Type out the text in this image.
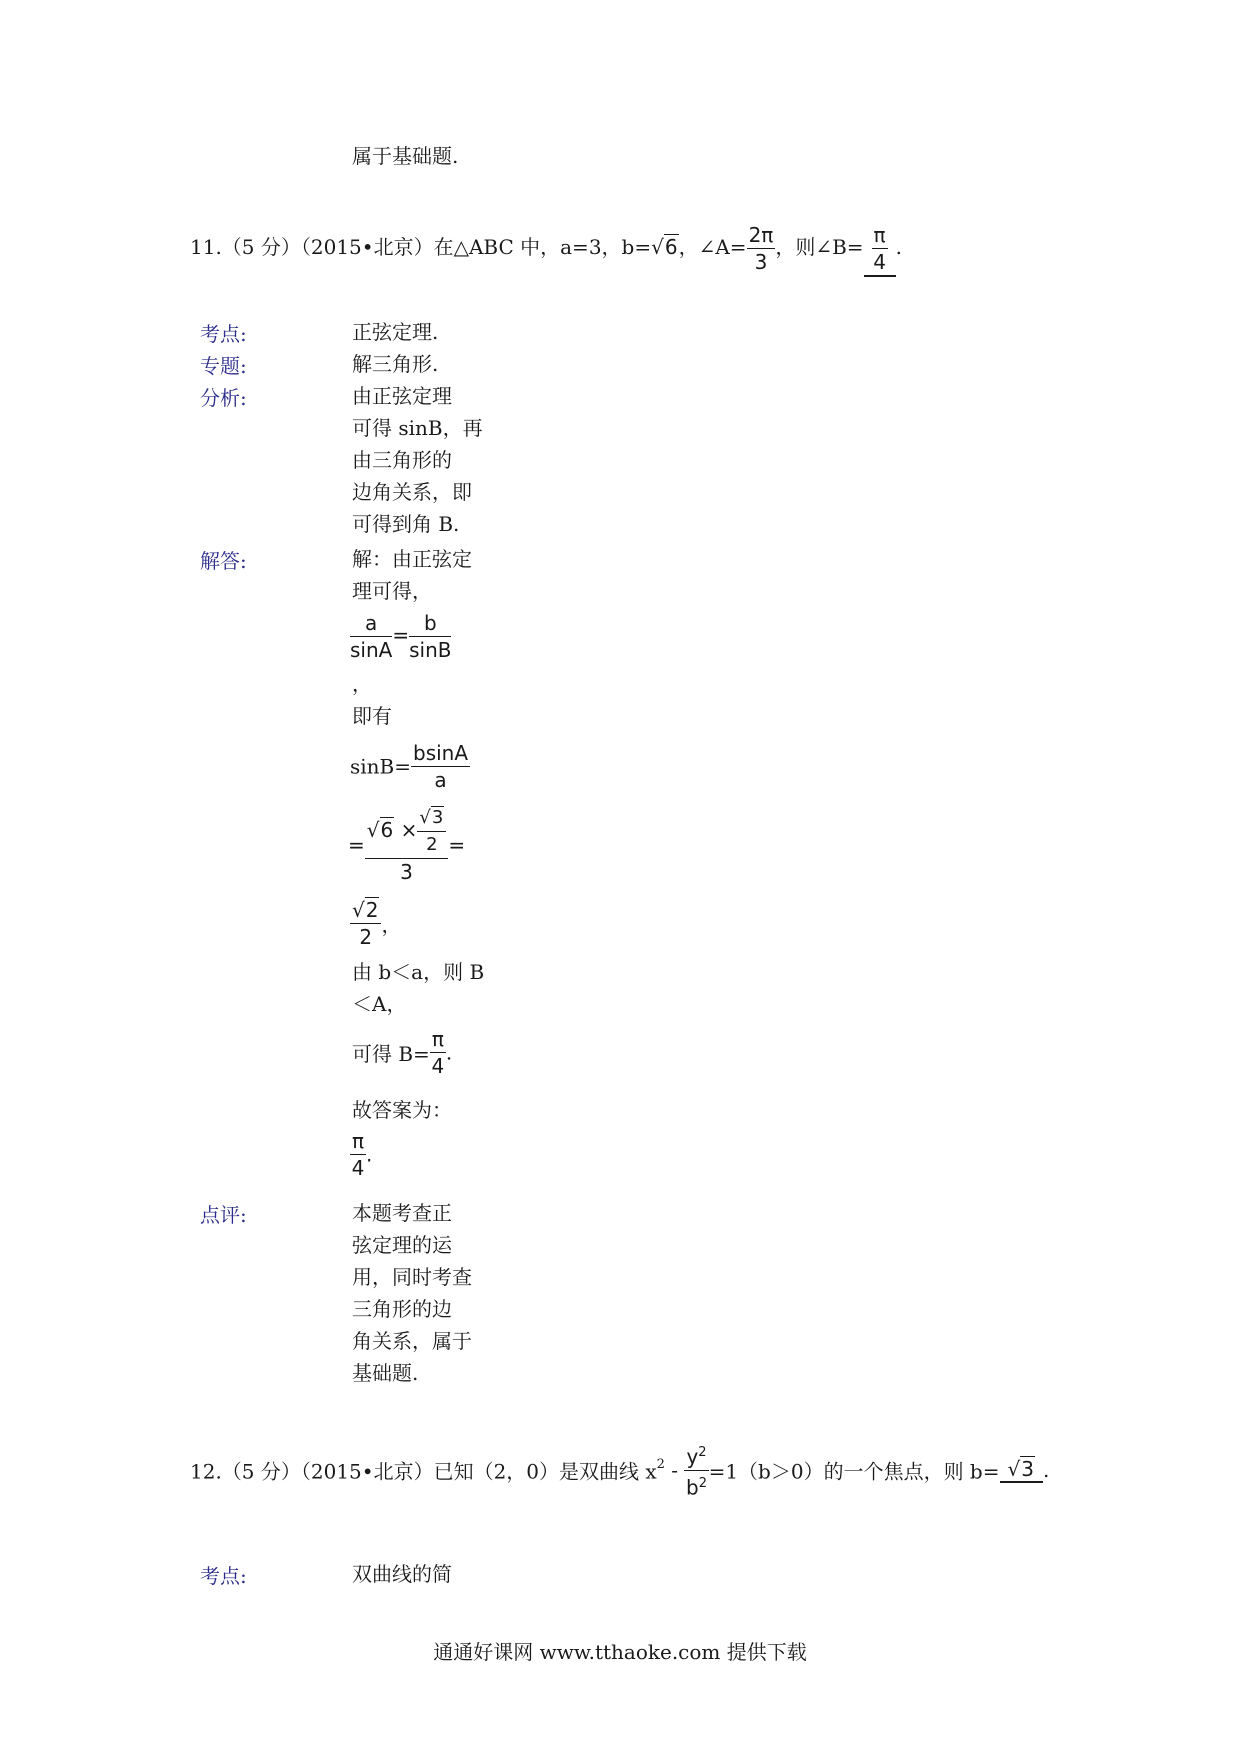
属于基础题.
11.（5 分）（2015•北京）在△ABC 中，a=3，b=√6，∠A= $\frac{2\pi}{3}$ ，则∠B= $\frac{\pi}{4}$ .
考点:
专题:
分析:
解答:
点评:
正弦定理.
解三角形.
由正弦定理
可得 sinB，再
由三角形的
边角关系，即
可得到角 B.
解：由正弦定
理可得，
$\frac{a}{\sin A} = \frac{b}{\sin B}$
，
即有
$\sin B= \frac{bsinA}{a}$
= $\frac{√6 \times \frac{√3}{2}}{3}$ =
$\frac{√2}{2}$ ，
由 b＜a，则 B
＜A，
可得 $B= \frac{\pi}{4}$ .
故答案为：
$\frac{\pi}{4}$ .
本题考查正
弦定理的运
用，同时考查
三角形的边
角关系，属于
基础题.
12.（5 分）（2015•北京）已知（2，0）是双曲线 $x^2 - \frac{y^2}{b^2} =1(b>0)$的一个焦点，则 b= √3 .
考点:	双曲线的简
通通好课网 www.tthaoke.com 提供下载
